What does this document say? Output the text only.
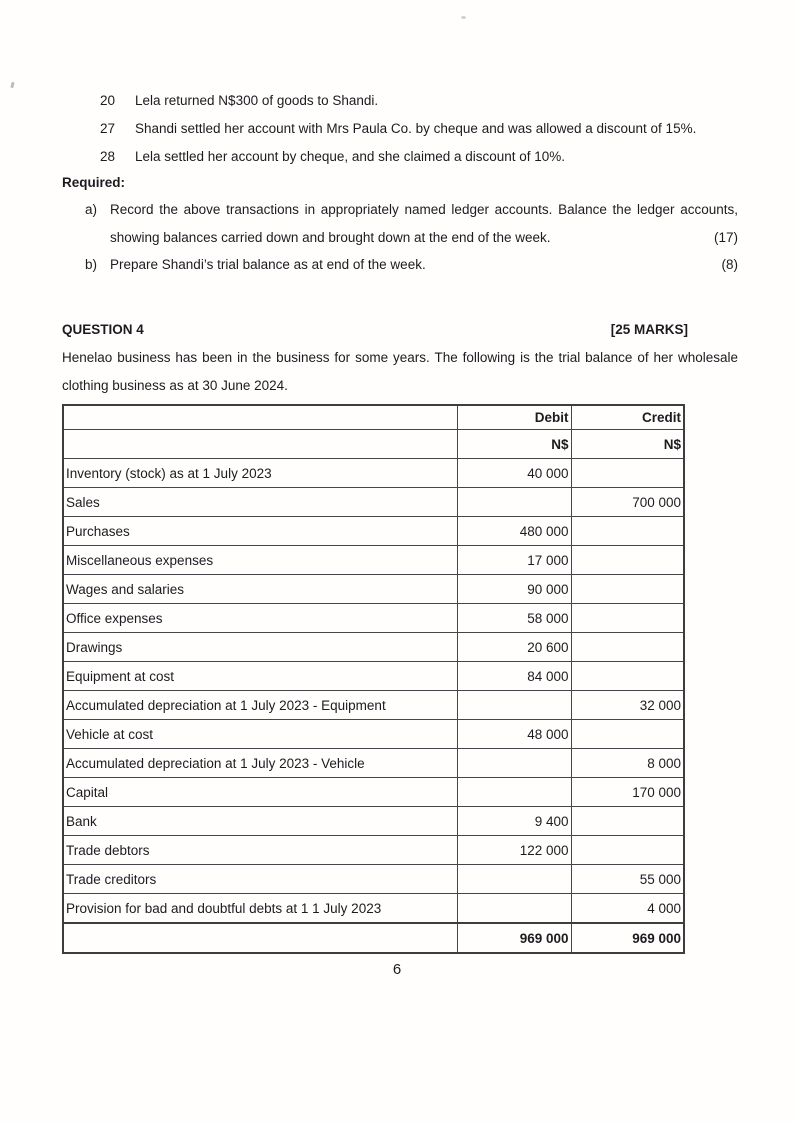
20	Lela returned N$300 of goods to Shandi.
27	Shandi settled her account with Mrs Paula Co. by cheque and was allowed a discount of 15%.
28	Lela settled her account by cheque, and she claimed a discount of 10%.
Required:
a) Record the above transactions in appropriately named ledger accounts. Balance the ledger accounts,
showing balances carried down and brought down at the end of the week.	(17)
b) Prepare Shandi’s trial balance as at end of the week.	(8)
QUESTION 4	[25 MARKS]
Henelao business has been in the business for some years. The following is the trial balance of her wholesale
clothing business as at 30 June 2024.
	Debit	Credit
	N$	N$
Inventory (stock) as at 1 July 2023	40 000	
Sales		700 000
Purchases	480 000	
Miscellaneous expenses	17 000	
Wages and salaries	90 000	
Office expenses	58 000	
Drawings	20 600	
Equipment at cost	84 000	
Accumulated depreciation at 1 July 2023 - Equipment		32 000
Vehicle at cost	48 000	
Accumulated depreciation at 1 July 2023 - Vehicle		8 000
Capital		170 000
Bank	9 400	
Trade debtors	122 000	
Trade creditors		55 000
Provision for bad and doubtful debts at 1 1 July 2023		4 000
	969 000	969 000
6
